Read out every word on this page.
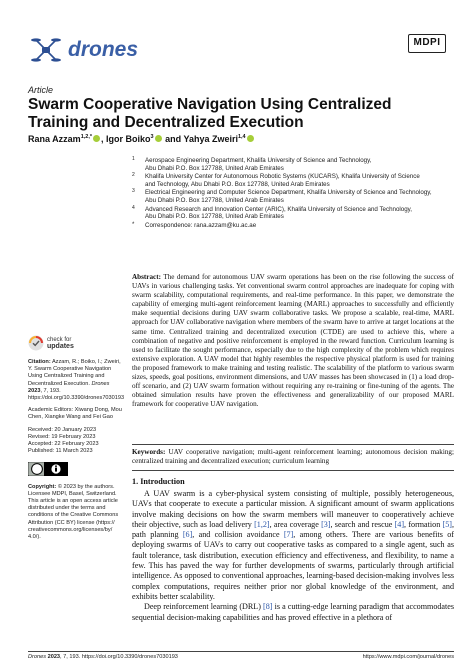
drones	MDPI
Article
Swarm Cooperative Navigation Using Centralized Training and Decentralized Execution
Rana Azzam$^{1,2,*}$ , Igor Boiko$^3$ and Yahya Zweiri$^{1,4}$
1 Aerospace Engineering Department, Khalifa University of Science and Technology,
Abu Dhabi P.O. Box 127788, United Arab Emirates
2 Khalifa University Center for Autonomous Robotic Systems (KUCARS), Khalifa University of Science
and Technology, Abu Dhabi P.O. Box 127788, United Arab Emirates
3 Electrical Engineering and Computer Science Department, Khalifa University of Science and Technology,
Abu Dhabi P.O. Box 127788, United Arab Emirates
4 Advanced Research and Innovation Center (ARIC), Khalifa University of Science and Technology,
Abu Dhabi P.O. Box 127788, United Arab Emirates
* Correspondence: rana.azzam@ku.ac.ae
Abstract: The demand for autonomous UAV swarm operations has been on the rise following the success of UAVs in various challenging tasks. Yet conventional swarm control approaches are inadequate for coping with swarm scalability, computational requirements, and real-time performance. In this paper, we demonstrate the capability of emerging multi-agent reinforcement learning (MARL) approaches to successfully and efficiently make sequential decisions during UAV swarm collaborative tasks. We propose a scalable, real-time, MARL approach for UAV collaborative navigation where members of the swarm have to arrive at target locations at the same time. Centralized training and decentralized execution (CTDE) are used to achieve this, where a combination of negative and positive reinforcement is employed in the reward function. Curriculum learning is used to facilitate the sought performance, especially due to the high complexity of the problem which requires extensive exploration. A UAV model that highly resembles the respective physical platform is used for training the proposed framework to make training and testing realistic. The scalability of the platform to various swarm sizes, speeds, goal positions, environment dimensions, and UAV masses has been showcased in (1) a load drop-off scenario, and (2) UAV swarm formation without requiring any re-training or fine-tuning of the agents. The obtained simulation results have proven the effectiveness and generalizability of our proposed MARL framework for cooperative UAV navigation.
Keywords: UAV cooperative navigation; multi-agent reinforcement learning; autonomous decision making; centralized training and decentralized execution; curriculum learning
check for
updates
Citation: Azzam, R.; Boiko, I.; Zweiri, Y. Swarm Cooperative Navigation Using Centralized Training and Decentralized Execution. Drones 2023, 7, 193. https://doi.org/10.3390/drones7030193
Academic Editors: Xiwang Dong, Mou Chen, Xiangke Wang and Fei Gao
Received: 20 January 2023
Revised: 19 February 2023
Accepted: 22 February 2023
Published: 11 March 2023
Copyright: © 2023 by the authors. Licensee MDPI, Basel, Switzerland. This article is an open access article distributed under the terms and conditions of the Creative Commons Attribution (CC BY) license (https:// creativecommons.org/licenses/by/ 4.0/).
1. Introduction

A UAV swarm is a cyber-physical system consisting of multiple, possibly heterogeneous, UAVs that cooperate to execute a particular mission. A significant amount of swarm applications involve making decisions on how the swarm members will maneuver to cooperatively achieve their objective, such as load delivery [1,2], area coverage [3], search and rescue [4], formation [5], path planning [6], and collision avoidance [7], among others. There are various benefits of deploying swarms of UAVs to carry out cooperative tasks as compared to a single agent, such as fault tolerance, task distribution, execution efficiency and effectiveness, and flexibility, to name a few. This has paved the way for further developments of swarms, particularly through artificial intelligence. As opposed to conventional approaches, learning-based decision-making involves less complex computations, requires neither prior nor global knowledge of the environment, and exhibits better scalability.

Deep reinforcement learning (DRL) [8] is a cutting-edge learning paradigm that accommodates sequential decision-making capabilities and has proved effective in a plethora of

Drones 2023, 7, 193. https://doi.org/10.3390/drones7030193	https://www.mdpi.com/journal/drones
